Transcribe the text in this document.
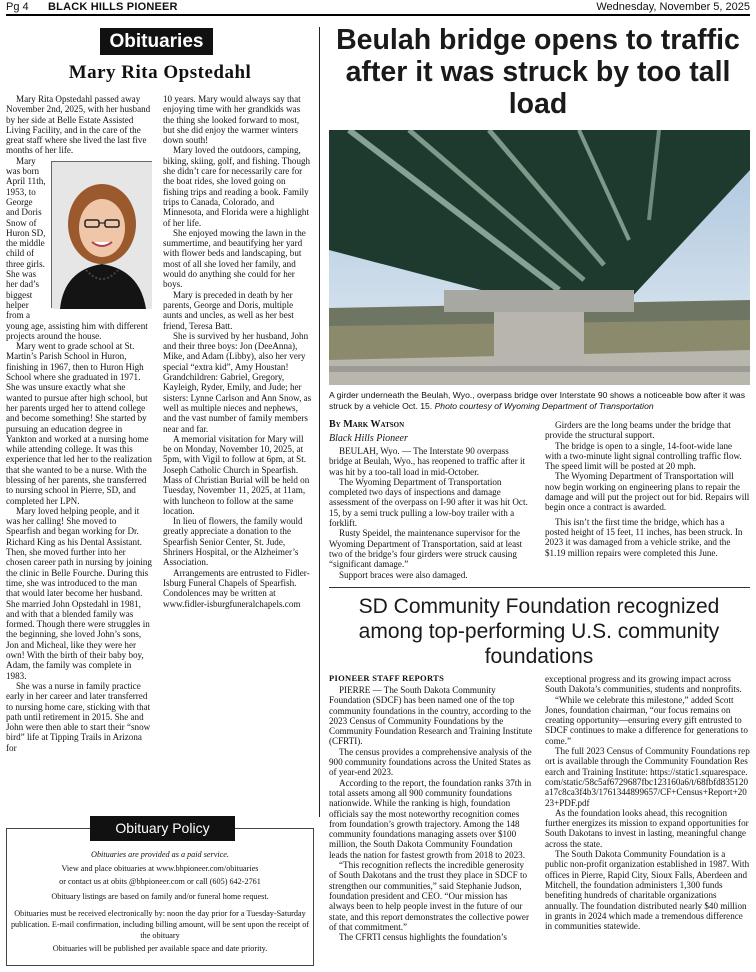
Pg 4 BLACK HILLS PIONEER	Wednesday, November 5, 2025
Obituaries
Mary Rita Opstedahl

Mary Rita Opstedahl passed away November 2nd, 2025, with her husband by her side at Belle Estate Assisted Living Facility, and in the care of the great staff where she lived the last five months of her life.

Mary was born April 11th, 1953, to George and Doris Snow of Huron SD, the middle child of three girls. She was her dad’s biggest helper from a young age, assisting him with different projects around the house.

Mary went to grade school at St. Martin’s Parish School in Huron, finishing in 1967, then to Huron High School where she graduated in 1971. She was unsure exactly what she wanted to pursue after high school, but her parents urged her to attend college and become something! She started by pursuing an education degree in Yankton and worked at a nursing home while attending college. It was this experience that led her to the realization that she wanted to be a nurse. With the blessing of her parents, she transferred to nursing school in Pierre, SD, and completed her LPN.

Mary loved helping people, and it was her calling! She moved to Spearfish and began working for Dr. Richard King as his Dental Assistant. Then, she moved further into her chosen career path in nursing by joining the clinic in Belle Fourche. During this time, she was introduced to the man that would later become her husband. She married John Opstedahl in 1981, and with that a blended family was formed. Though there were struggles in the beginning, she loved John’s sons, Jon and Micheal, like they were her own! With the birth of their baby boy, Adam, the family was complete in 1983.

She was a nurse in family practice early in her career and later transferred to nursing home care, sticking with that path until retirement in 2015. She and John were then able to start their “snow bird” life at Tipping Trails in Arizona for

10 years. Mary would always say that enjoying time with her grandkids was the thing she looked forward to most, but she did enjoy the warmer winters down south!

Mary loved the outdoors, camping, biking, skiing, golf, and fishing. Though she didn’t care for necessarily care for the boat rides, she loved going on fishing trips and reading a book. Family trips to Canada, Colorado, and Minnesota, and Florida were a highlight of her life.

She enjoyed mowing the lawn in the summertime, and beautifying her yard with flower beds and landscaping, but most of all she loved her family, and would do anything she could for her boys.

Mary is preceded in death by her parents, George and Doris, multiple aunts and uncles, as well as her best friend, Teresa Batt.

She is survived by her husband, John and their three boys: Jon (DeeAnna), Mike, and Adam (Libby), also her very special “extra kid”, Amy Houstan! Grandchildren: Gabriel, Gregory, Kayleigh, Ryder, Emily, and Jude; her sisters: Lynne Carlson and Ann Snow, as well as multiple nieces and nephews, and the vast number of family members near and far.

A memorial visitation for Mary will be on Monday, November 10, 2025, at 5pm, with Vigil to follow at 6pm, at St. Joseph Catholic Church in Spearfish. Mass of Christian Burial will be held on Tuesday, November 11, 2025, at 11am, with luncheon to follow at the same location.

In lieu of flowers, the family would greatly appreciate a donation to the Spearfish Senior Center, St. Jude, Shriners Hospital, or the Alzheimer’s Association.

Arrangements are entrusted to Fidler-Isburg Funeral Chapels of Spearfish. Condolences may be written at www.fidler-isburgfuneralchapels.com

Obituary Policy
Obituaries are provided as a paid service.
View and place obituaries at www.bhpioneer.com/obituaries
or contact us at obits @bhpioneer.com or call (605) 642-2761
Obituary listings are based on family and/or funeral home request.
Obituaries must be received electronically by: noon the day prior for a Tuesday-Saturday publication. E-mail confirmation, including billing amount, will be sent upon the receipt of the obituary
Obituaries will be published per available space and date priority.
Beulah bridge opens to traffic after it was struck by too tall load
A girder underneath the Beulah, Wyo., overpass bridge over Interstate 90 shows a noticeable bow after it was struck by a vehicle Oct. 15. Photo courtesy of Wyoming Department of Transportation
By Mark Watson
Black Hills Pioneer

BEULAH, Wyo. — The Interstate 90 overpass bridge at Beulah, Wyo., has reopened to traffic after it was hit by a too-tall load in mid-October.

The Wyoming Department of Transportation completed two days of inspections and damage assessment of the overpass on I-90 after it was hit Oct. 15, by a semi truck pulling a low-boy trailer with a forklift.

Rusty Speidel, the maintenance supervisor for the Wyoming Department of Transportation, said at least two of the bridge’s four girders were struck causing “significant damage.”

Support braces were also damaged.

Girders are the long beams under the bridge that provide the structural support.

The bridge is open to a single, 14-foot-wide lane with a two-minute light signal controlling traffic flow. The speed limit will be posted at 20 mph.

The Wyoming Department of Transportation will now begin working on engineering plans to repair the damage and will put the project out for bid. Repairs will begin once a contract is awarded.

This isn’t the first time the bridge, which has a posted height of 15 feet, 11 inches, has been struck. In 2023 it was damaged from a vehicle strike, and the $1.19 million repairs were completed this June.

SD Community Foundation recognized among top-performing U.S. community foundations
PIONEER STAFF REPORTS

PIERRE — The South Dakota Community Foundation (SDCF) has been named one of the top community foundations in the country, according to the 2023 Census of Community Foundations by the Community Foundation Research and Training Institute (CFRTI).

The census provides a comprehensive analysis of the 900 community foundations across the United States as of year-end 2023.

According to the report, the foundation ranks 37th in total assets among all 900 community foundations nationwide. While the ranking is high, foundation officials say the most noteworthy recognition comes from foundation’s growth trajectory. Among the 148 community foundations managing assets over $100 million, the South Dakota Community Foundation leads the nation for fastest growth from 2018 to 2023.

“This recognition reflects the incredible generosity of South Dakotans and the trust they place in SDCF to strengthen our communities,” said Stephanie Judson, foundation president and CEO. “Our mission has always been to help people invest in the future of our state, and this report demonstrates the collective power of that commitment.”

The CFRTI census highlights the foundation’s

exceptional progress and its growing impact across South Dakota’s communities, students and nonprofits.

“While we celebrate this milestone,” added Scott Jones, foundation chairman, “our focus remains on creating opportunity—ensuring every gift entrusted to SDCF continues to make a difference for generations to come.”

The full 2023 Census of Community Foundations report is available through the Community Foundation Research and Training Institute: https://static1.squarespace.com/static/58c5af6729687fbc123160a6/t/68fbfd835120a17c8ca3f4b3/1761344899657/CF+Census+Report+2023+PDF.pdf

As the foundation looks ahead, this recognition further energizes its mission to expand opportunities for South Dakotans to invest in lasting, meaningful change across the state.

The South Dakota Community Foundation is a public non-profit organization established in 1987. With offices in Pierre, Rapid City, Sioux Falls, Aberdeen and Mitchell, the foundation administers 1,300 funds benefiting hundreds of charitable organizations annually. The foundation distributed nearly $40 million in grants in 2024 which made a tremendous difference in communities statewide.
